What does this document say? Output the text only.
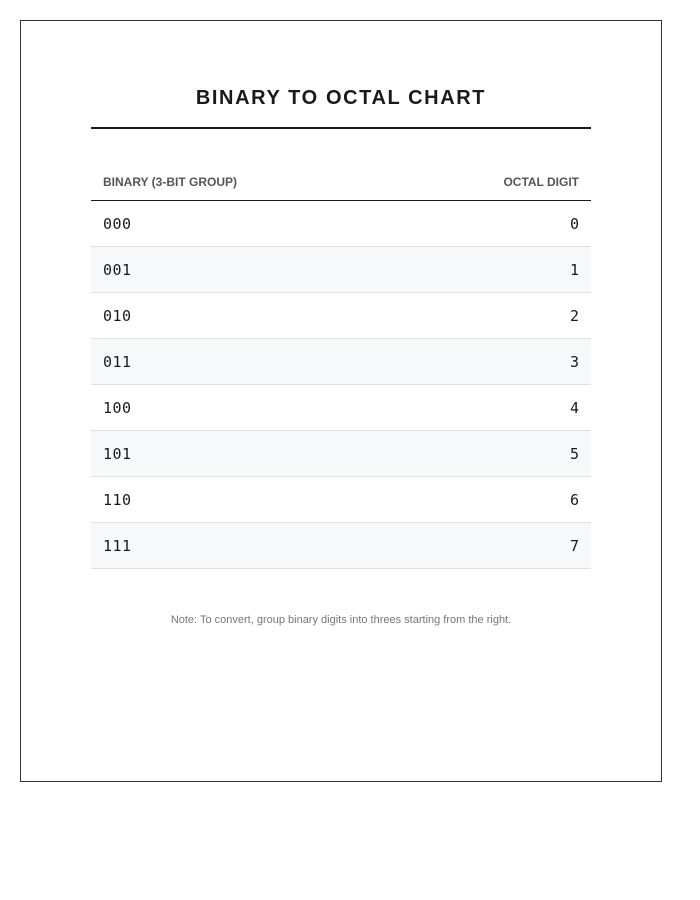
BINARY TO OCTAL CHART
BINARY (3-BIT GROUP)	OCTAL DIGIT
000	0
001	1
010	2
011	3
100	4
101	5
110	6
111	7

Note: To convert, group binary digits into threes starting from the right.
